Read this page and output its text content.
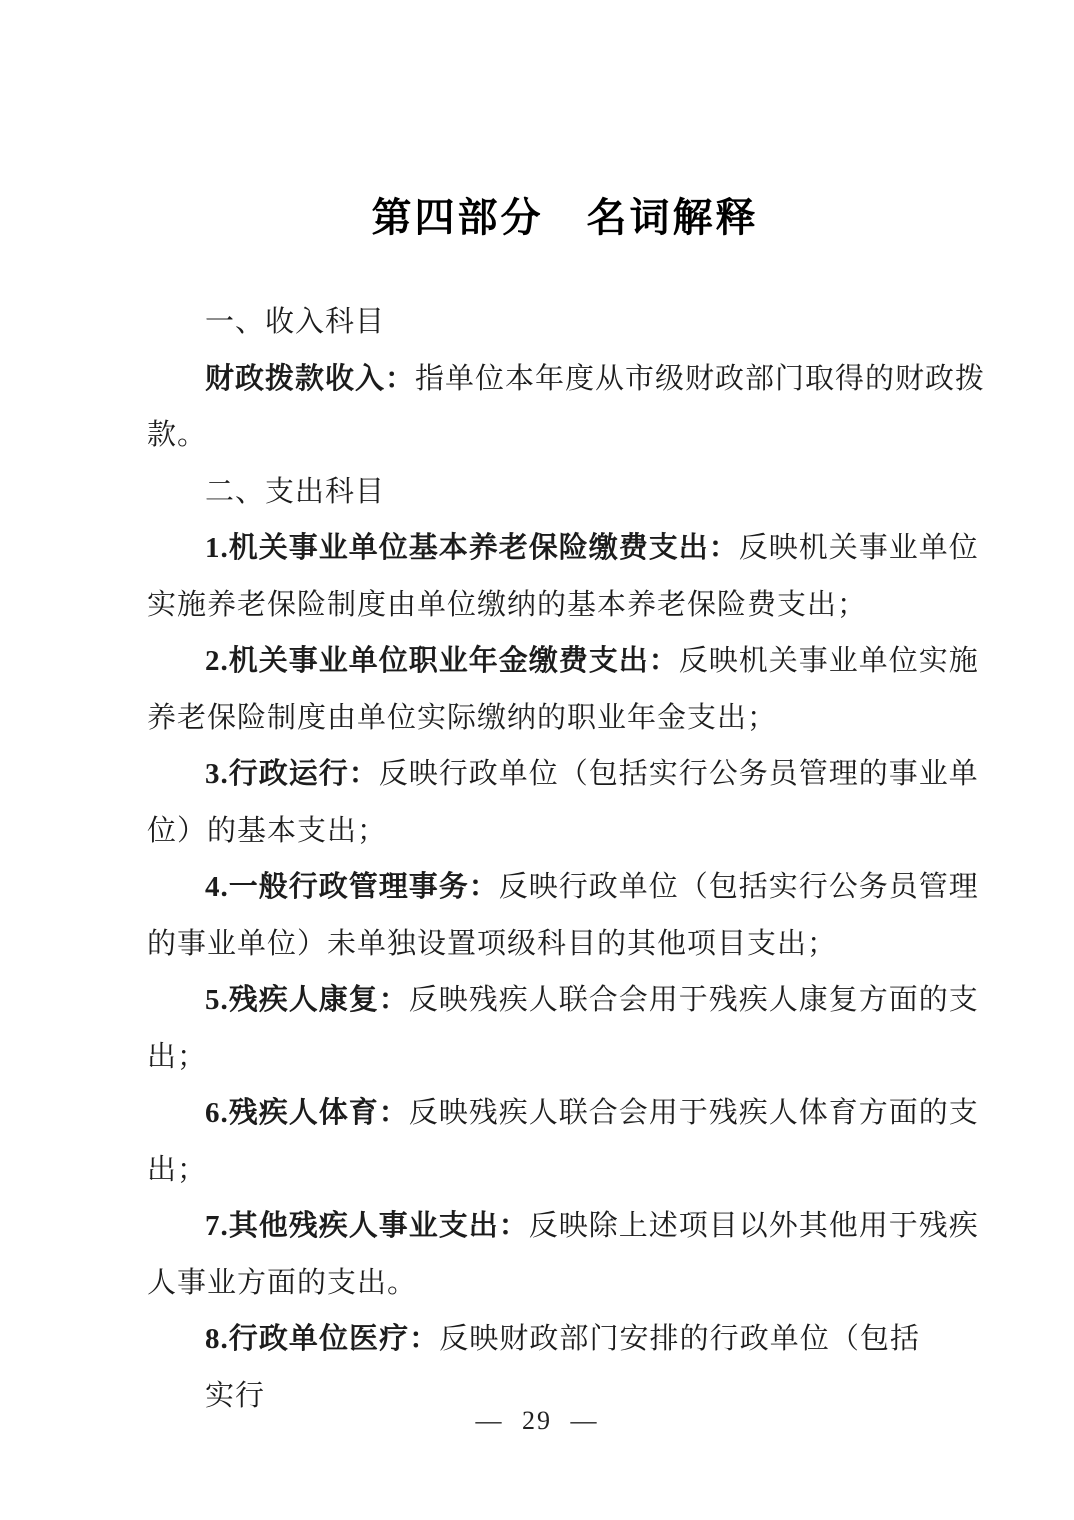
第四部分　名词解释
一、收入科目
财政拨款收入：指单位本年度从市级财政部门取得的财政拨
款。
二、支出科目
1.机关事业单位基本养老保险缴费支出：反映机关事业单位
实施养老保险制度由单位缴纳的基本养老保险费支出；
2.机关事业单位职业年金缴费支出：反映机关事业单位实施
养老保险制度由单位实际缴纳的职业年金支出；
3.行政运行：反映行政单位（包括实行公务员管理的事业单
位）的基本支出；
4.一般行政管理事务：反映行政单位（包括实行公务员管理
的事业单位）未单独设置项级科目的其他项目支出；
5.残疾人康复：反映残疾人联合会用于残疾人康复方面的支
出；
6.残疾人体育：反映残疾人联合会用于残疾人体育方面的支
出；
7.其他残疾人事业支出：反映除上述项目以外其他用于残疾
人事业方面的支出。
8.行政单位医疗：反映财政部门安排的行政单位（包括实行
— 29 —
